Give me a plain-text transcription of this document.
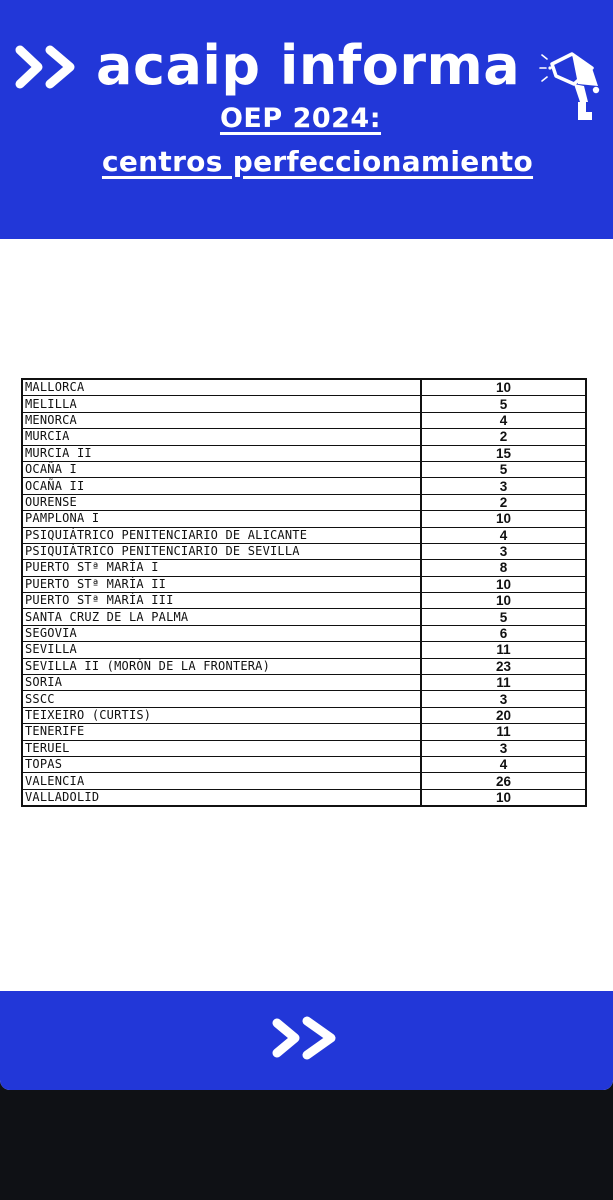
acaip informa

OEP 2024:

centros perfeccionamiento

MALLORCA	10
MELILLA	5
MENORCA	4
MURCIA	2
MURCIA II	15
OCAÑA I	5
OCAÑA II	3
OURENSE	2
PAMPLONA I	10
PSIQUIÁTRICO PENITENCIARIO DE ALICANTE	4
PSIQUIÁTRICO PENITENCIARIO DE SEVILLA	3
PUERTO STª MARÍA I	8
PUERTO STª MARÍA II	10
PUERTO STª MARÍA III	10
SANTA CRUZ DE LA PALMA	5
SEGOVIA	6
SEVILLA	11
SEVILLA II (MORÓN DE LA FRONTERA)	23
SORIA	11
SSCC	3
TEIXEIRO (CURTIS)	20
TENERIFE	11
TERUEL	3
TOPAS	4
VALENCIA	26
VALLADOLID	10
